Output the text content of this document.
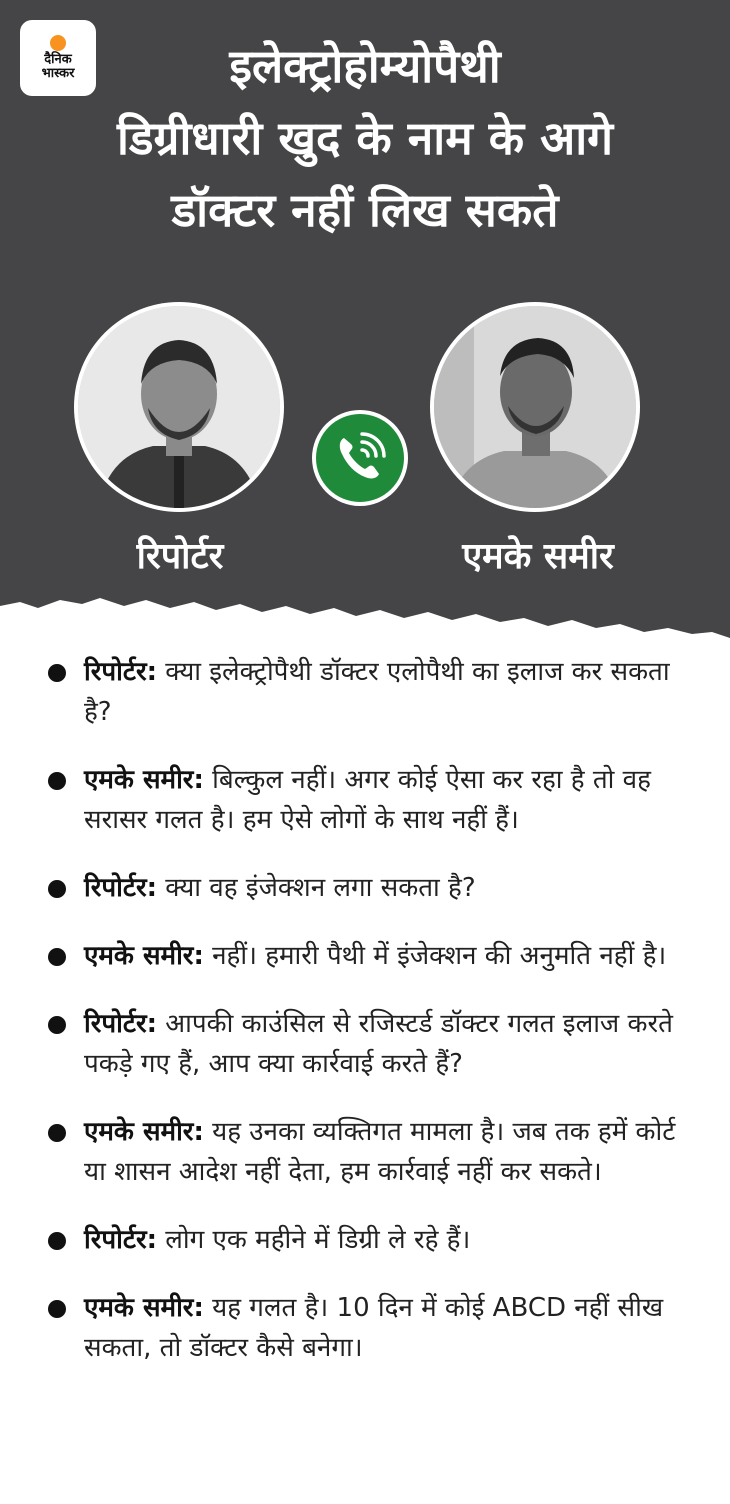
दैनिक
भास्कर	इलेक्ट्रोहोम्योपैथी
डिग्रीधारी खुद के नाम के आगे
डॉक्टर नहीं लिख सकते
रिपोर्टर	एमके समीर
रिपोर्टर: क्या इलेक्ट्रोपैथी डॉक्टर एलोपैथी का इलाज कर सकता है?
एमके समीर: बिल्कुल नहीं। अगर कोई ऐसा कर रहा है तो वह सरासर गलत है। हम ऐसे लोगों के साथ नहीं हैं।
रिपोर्टर: क्या वह इंजेक्शन लगा सकता है?
एमके समीर: नहीं। हमारी पैथी में इंजेक्शन की अनुमति नहीं है।
रिपोर्टर: आपकी काउंसिल से रजिस्टर्ड डॉक्टर गलत इलाज करते पकड़े गए हैं, आप क्या कार्रवाई करते हैं?
एमके समीर: यह उनका व्यक्तिगत मामला है। जब तक हमें कोर्ट या शासन आदेश नहीं देता, हम कार्रवाई नहीं कर सकते।
रिपोर्टर: लोग एक महीने में डिग्री ले रहे हैं।
एमके समीर: यह गलत है। 10 दिन में कोई ABCD नहीं सीख सकता, तो डॉक्टर कैसे बनेगा।
